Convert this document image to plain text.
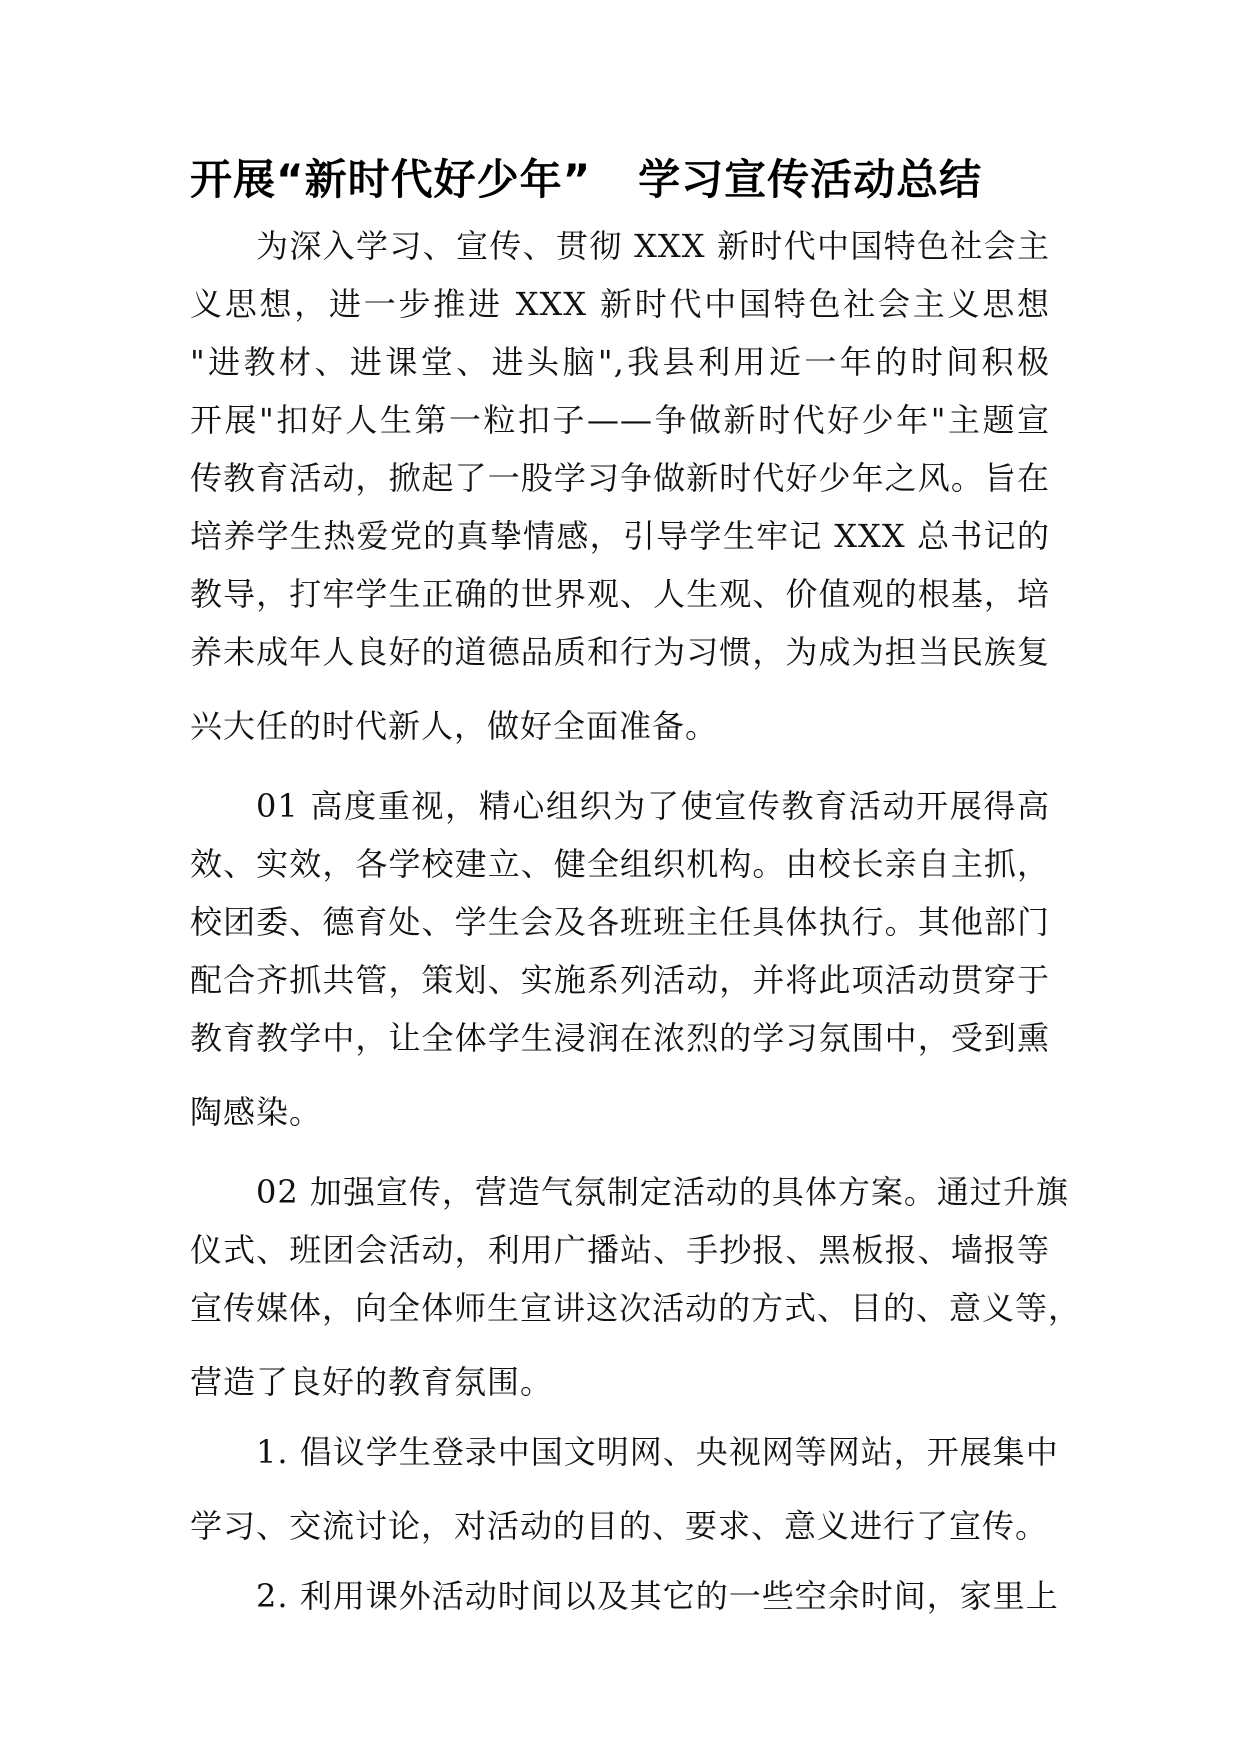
开展“新时代好少年”   学习宣传活动总结
为深入学习、宣传、贯彻 XXX 新时代中国特色社会主
义思想，进一步推进 XXX 新时代中国特色社会主义思想
"进教材、进课堂、进头脑",我县利用近一年的时间积极
开展"扣好人生第一粒扣子——争做新时代好少年"主题宣
传教育活动，掀起了一股学习争做新时代好少年之风。旨在
培养学生热爱党的真挚情感，引导学生牢记 XXX 总书记的
教导，打牢学生正确的世界观、人生观、价值观的根基，培
养未成年人良好的道德品质和行为习惯，为成为担当民族复
兴大任的时代新人，做好全面准备。
01 高度重视，精心组织为了使宣传教育活动开展得高
效、实效，各学校建立、健全组织机构。由校长亲自主抓，
校团委、德育处、学生会及各班班主任具体执行。其他部门
配合齐抓共管，策划、实施系列活动，并将此项活动贯穿于
教育教学中，让全体学生浸润在浓烈的学习氛围中，受到熏
陶感染。
02 加强宣传，营造气氛制定活动的具体方案。通过升旗
仪式、班团会活动，利用广播站、手抄报、黑板报、墙报等
宣传媒体，向全体师生宣讲这次活动的方式、目的、意义等，
营造了良好的教育氛围。
1. 倡议学生登录中国文明网、央视网等网站，开展集中
学习、交流讨论，对活动的目的、要求、意义进行了宣传。
2. 利用课外活动时间以及其它的一些空余时间，家里上
